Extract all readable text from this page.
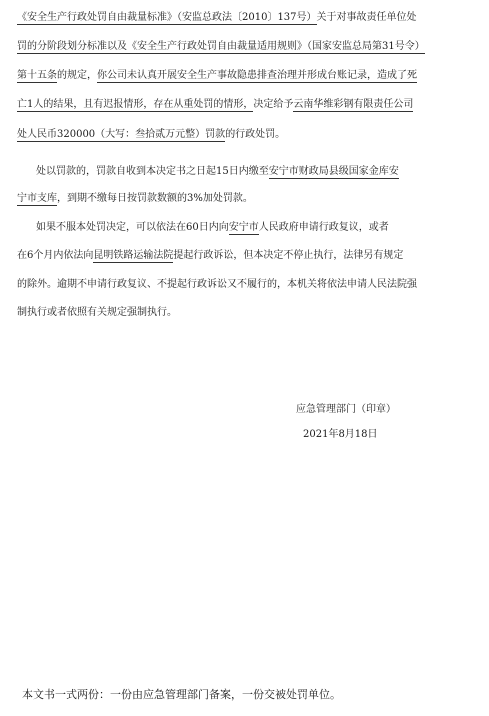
《安全生产行政处罚自由裁量标准》（安监总政法〔2010〕137号）关于对事故责任单位处
罚的分阶段划分标准以及《安全生产行政处罚自由裁量适用规则》（国家安监总局第31号令）
第十五条的规定，你公司未认真开展安全生产事故隐患排查治理并形成台账记录，造成了死
亡1人的结果，且有迟报情形，存在从重处罚的情形，决定给予云南华维彩钢有限责任公司
处人民币320000（大写：叁拾贰万元整）罚款的行政处罚。
处以罚款的，罚款自收到本决定书之日起15日内缴至安宁市财政局县级国家金库安
宁市支库，到期不缴每日按罚款数额的3%加处罚款。
如果不服本处罚决定，可以依法在60日内向安宁市人民政府申请行政复议，或者
在6个月内依法向昆明铁路运输法院提起行政诉讼，但本决定不停止执行，法律另有规定
的除外。逾期不申请行政复议、不提起行政诉讼又不履行的，本机关将依法申请人民法院强
制执行或者依照有关规定强制执行。
应急管理部门（印章）
2021年8月18日
本文书一式两份：一份由应急管理部门备案，一份交被处罚单位。
